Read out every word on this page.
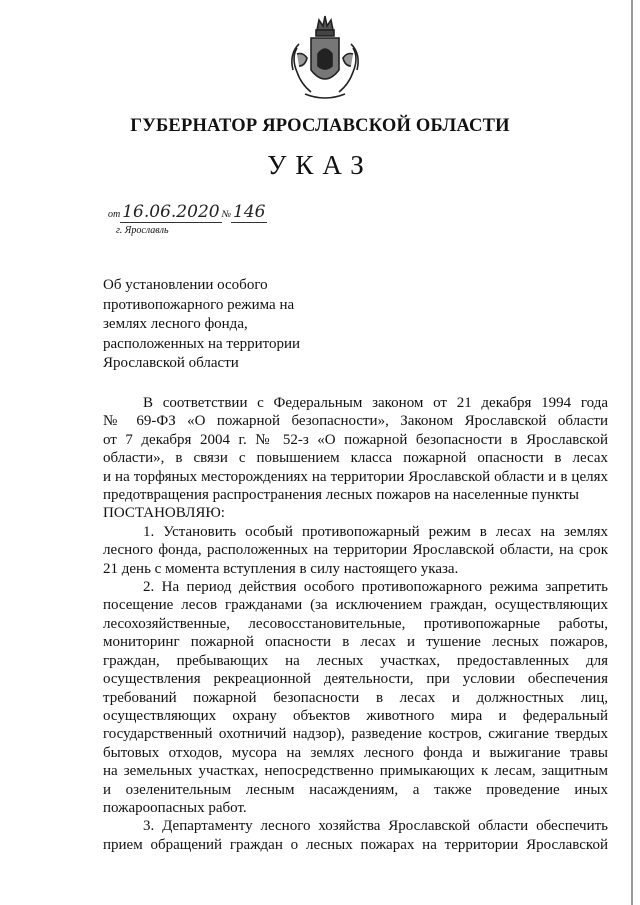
ГУБЕРНАТОР ЯРОСЛАВСКОЙ ОБЛАСТИ
УКАЗ
от 16.06.2020 № 146
г. Ярославль
Об установлении особого
противопожарного режима на
землях лесного фонда,
расположенных на территории
Ярославской области
В соответствии с Федеральным законом от 21 декабря 1994 года
№ 69-ФЗ «О пожарной безопасности», Законом Ярославской области
от 7 декабря 2004 г. № 52-з «О пожарной безопасности в Ярославской
области», в связи с повышением класса пожарной опасности в лесах
и на торфяных месторождениях на территории Ярославской области и в целях
предотвращения распространения лесных пожаров на населенные пункты
ПОСТАНОВЛЯЮ:
1. Установить особый противопожарный режим в лесах на землях
лесного фонда, расположенных на территории Ярославской области, на срок
21 день с момента вступления в силу настоящего указа.
2. На период действия особого противопожарного режима запретить
посещение лесов гражданами (за исключением граждан, осуществляющих
лесохозяйственные, лесовосстановительные, противопожарные работы,
мониторинг пожарной опасности в лесах и тушение лесных пожаров,
граждан, пребывающих на лесных участках, предоставленных для
осуществления рекреационной деятельности, при условии обеспечения
требований пожарной безопасности в лесах и должностных лиц,
осуществляющих охрану объектов животного мира и федеральный
государственный охотничий надзор), разведение костров, сжигание твердых
бытовых отходов, мусора на землях лесного фонда и выжигание травы
на земельных участках, непосредственно примыкающих к лесам, защитным
и озеленительным лесным насаждениям, а также проведение иных
пожароопасных работ.
3. Департаменту лесного хозяйства Ярославской области обеспечить
прием обращений граждан о лесных пожарах на территории Ярославской
